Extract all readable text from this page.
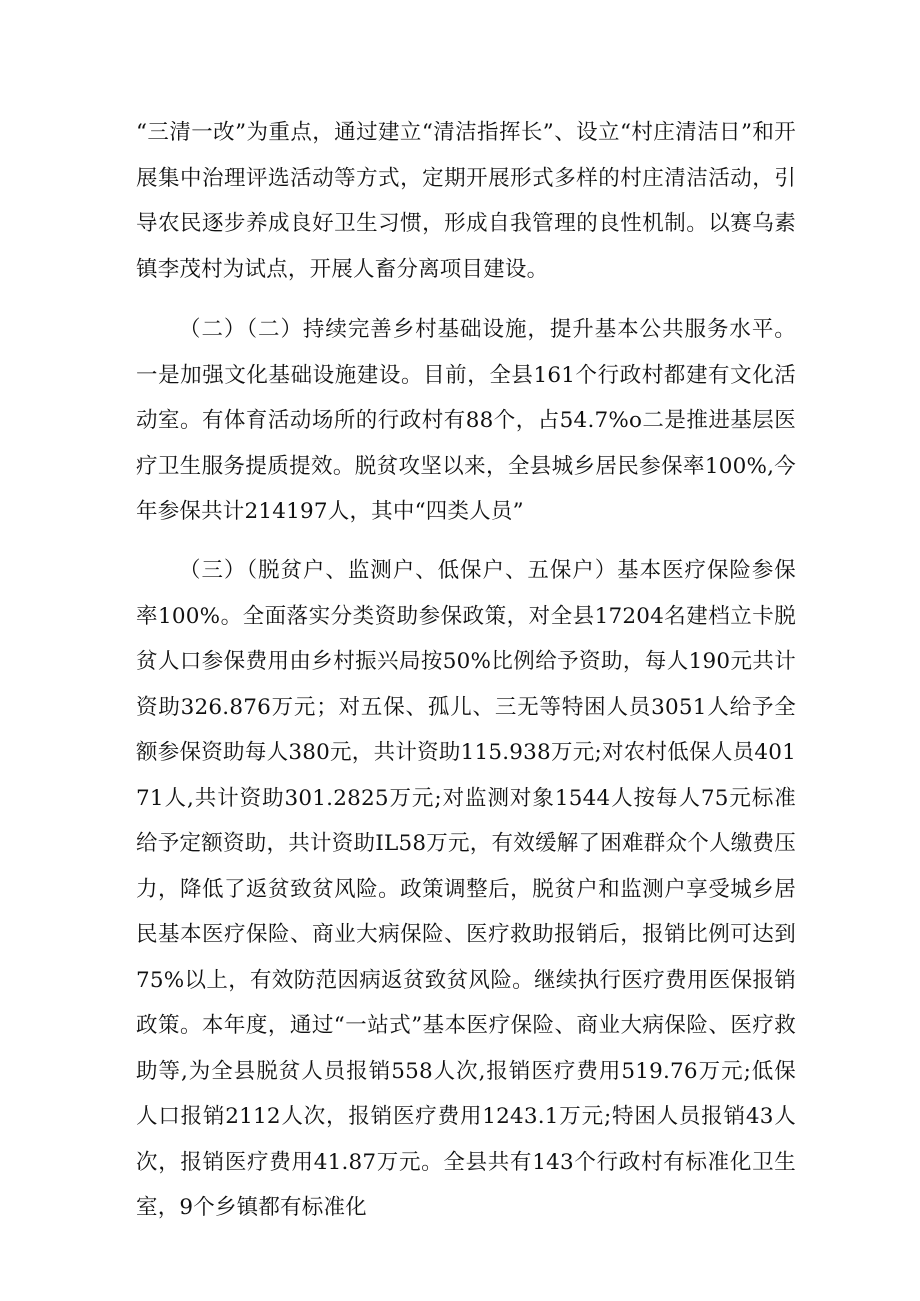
“三清一改”为重点，通过建立“清洁指挥长”、设立“村庄清洁日”和开展集中治理评选活动等方式，定期开展形式多样的村庄清洁活动，引导农民逐步养成良好卫生习惯，形成自我管理的良性机制。以赛乌素镇李茂村为试点，开展人畜分离项目建设。

（二）（二）持续完善乡村基础设施，提升基本公共服务水平。一是加强文化基础设施建设。目前，全县161个行政村都建有文化活动室。有体育活动场所的行政村有88个，占54.7%o二是推进基层医疗卫生服务提质提效。脱贫攻坚以来，全县城乡居民参保率100%,今年参保共计214197人，其中“四类人员”

（三）（脱贫户、监测户、低保户、五保户）基本医疗保险参保率100%。全面落实分类资助参保政策，对全县17204名建档立卡脱贫人口参保费用由乡村振兴局按50%比例给予资助，每人190元共计资助326.876万元；对五保、孤儿、三无等特困人员3051人给予全额参保资助每人380元，共计资助115.938万元;对农村低保人员40171人,共计资助301.2825万元;对监测对象1544人按每人75元标准给予定额资助，共计资助IL58万元，有效缓解了困难群众个人缴费压力，降低了返贫致贫风险。政策调整后，脱贫户和监测户享受城乡居民基本医疗保险、商业大病保险、医疗救助报销后，报销比例可达到75%以上，有效防范因病返贫致贫风险。继续执行医疗费用医保报销政策。本年度，通过“一站式”基本医疗保险、商业大病保险、医疗救助等,为全县脱贫人员报销558人次,报销医疗费用519.76万元;低保人口报销2112人次，报销医疗费用1243.1万元;特困人员报销43人次，报销医疗费用41.87万元。全县共有143个行政村有标准化卫生室，9个乡镇都有标准化
